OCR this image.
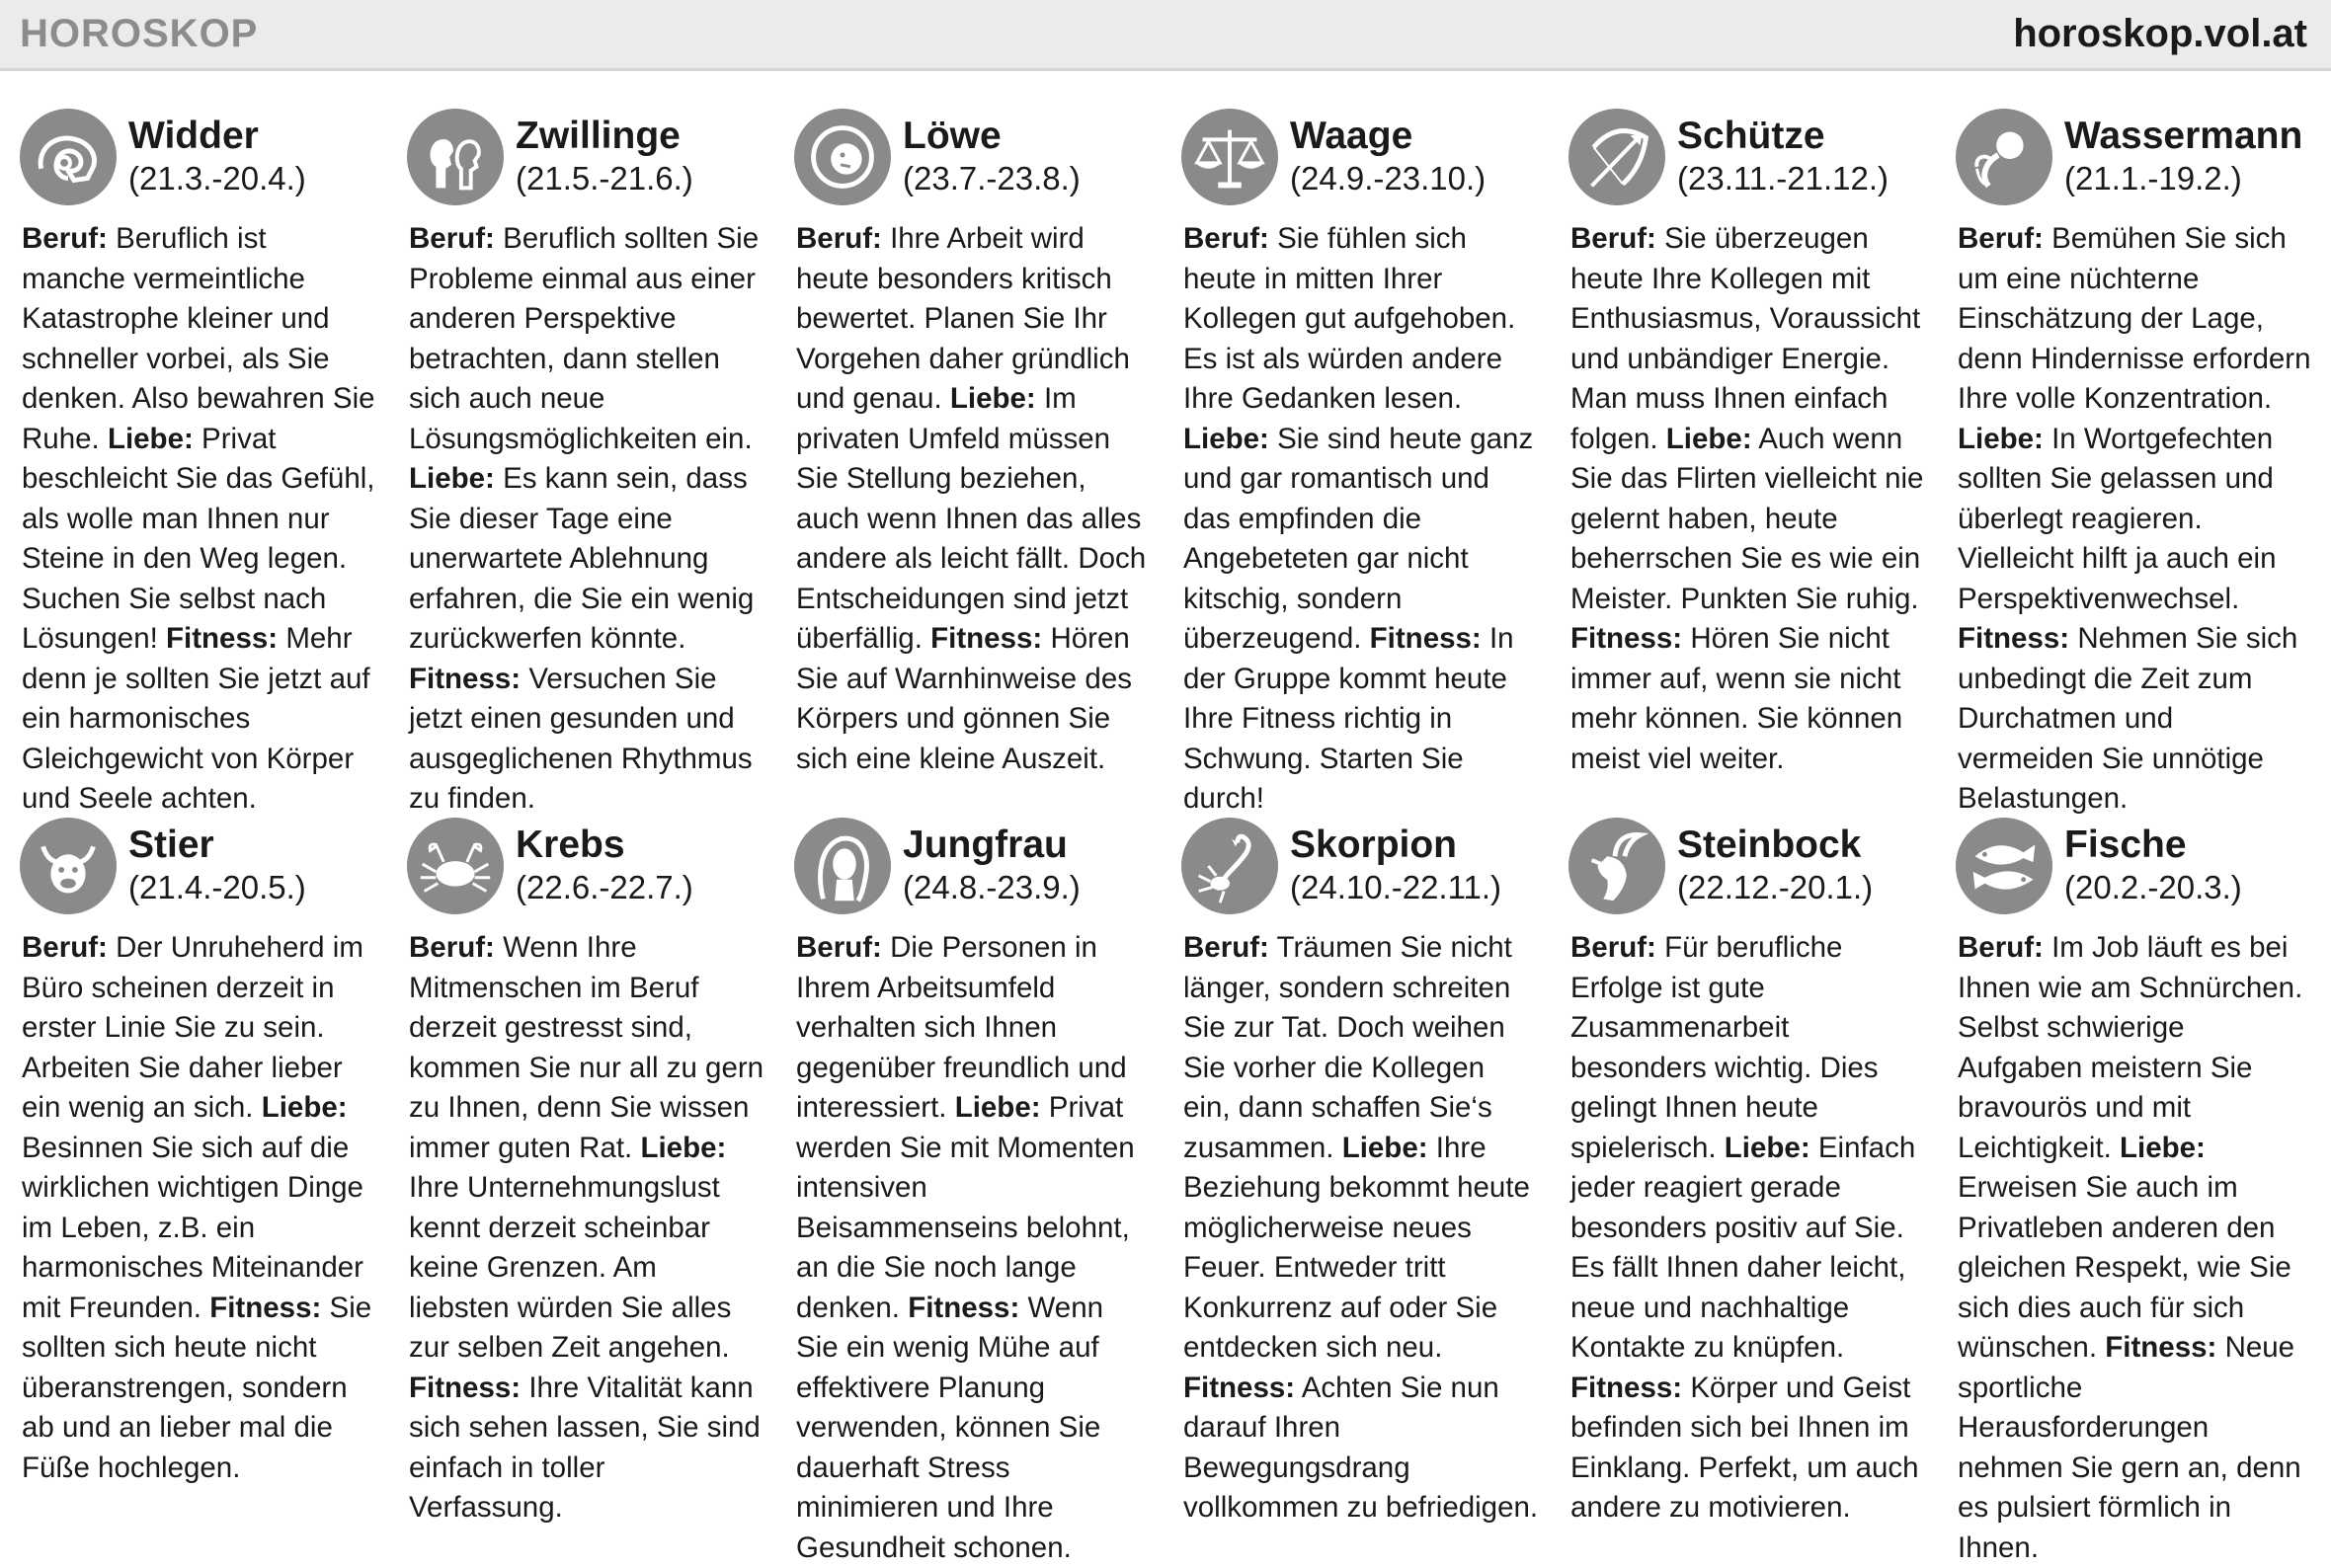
HOROSKOP	horoskop.vol.at
Widder
(21.3.-20.4.)

Beruf: Beruflich ist manche vermeintliche Katastrophe kleiner und schneller vorbei, als Sie denken. Also bewahren Sie Ruhe. Liebe: Privat beschleicht Sie das Gefühl, als wolle man Ihnen nur Steine in den Weg legen. Suchen Sie selbst nach Lösungen! Fitness: Mehr denn je sollten Sie jetzt auf ein harmonisches Gleichgewicht von Körper und Seele achten.

Zwillinge
(21.5.-21.6.)

Beruf: Beruflich sollten Sie Probleme einmal aus einer anderen Perspektive betrachten, dann stellen sich auch neue Lösungsmöglichkeiten ein. Liebe: Es kann sein, dass Sie dieser Tage eine unerwartete Ablehnung erfahren, die Sie ein wenig zurückwerfen könnte. Fitness: Versuchen Sie jetzt einen gesunden und ausgeglichenen Rhythmus zu finden.

Löwe
(23.7.-23.8.)

Beruf: Ihre Arbeit wird heute besonders kritisch bewertet. Planen Sie Ihr Vorgehen daher gründlich und genau. Liebe: Im privaten Umfeld müssen Sie Stellung beziehen, auch wenn Ihnen das alles andere als leicht fällt. Doch Entscheidungen sind jetzt überfällig. Fitness: Hören Sie auf Warnhinweise des Körpers und gönnen Sie sich eine kleine Auszeit.

Waage
(24.9.-23.10.)

Beruf: Sie fühlen sich heute in mitten Ihrer Kollegen gut aufgehoben. Es ist als würden andere Ihre Gedanken lesen. Liebe: Sie sind heute ganz und gar romantisch und das empfinden die Angebeteten gar nicht kitschig, sondern überzeugend. Fitness: In der Gruppe kommt heute Ihre Fitness richtig in Schwung. Starten Sie durch!

Schütze
(23.11.-21.12.)

Beruf: Sie überzeugen heute Ihre Kollegen mit Enthusiasmus, Voraussicht und unbändiger Energie. Man muss Ihnen einfach folgen. Liebe: Auch wenn Sie das Flirten vielleicht nie gelernt haben, heute beherrschen Sie es wie ein Meister. Punkten Sie ruhig. Fitness: Hören Sie nicht immer auf, wenn sie nicht mehr können. Sie können meist viel weiter.

Wassermann
(21.1.-19.2.)

Beruf: Bemühen Sie sich um eine nüchterne Einschätzung der Lage, denn Hindernisse erfordern Ihre volle Konzentration. Liebe: In Wortgefechten sollten Sie gelassen und überlegt reagieren. Vielleicht hilft ja auch ein Perspektivenwechsel. Fitness: Nehmen Sie sich unbedingt die Zeit zum Durchatmen und vermeiden Sie unnötige Belastungen.

Stier
(21.4.-20.5.)

Beruf: Der Unruheherd im Büro scheinen derzeit in erster Linie Sie zu sein. Arbeiten Sie daher lieber ein wenig an sich. Liebe: Besinnen Sie sich auf die wirklichen wichtigen Dinge im Leben, z.B. ein harmonisches Miteinander mit Freunden. Fitness: Sie sollten sich heute nicht überanstrengen, sondern ab und an lieber mal die Füße hochlegen.

Krebs
(22.6.-22.7.)

Beruf: Wenn Ihre Mitmenschen im Beruf derzeit gestresst sind, kommen Sie nur all zu gern zu Ihnen, denn Sie wissen immer guten Rat. Liebe: Ihre Unternehmungslust kennt derzeit scheinbar keine Grenzen. Am liebsten würden Sie alles zur selben Zeit angehen. Fitness: Ihre Vitalität kann sich sehen lassen, Sie sind einfach in toller Verfassung.

Jungfrau
(24.8.-23.9.)

Beruf: Die Personen in Ihrem Arbeitsumfeld verhalten sich Ihnen gegenüber freundlich und interessiert. Liebe: Privat werden Sie mit Momenten intensiven Beisammenseins belohnt, an die Sie noch lange denken. Fitness: Wenn Sie ein wenig Mühe auf effektivere Planung verwenden, können Sie dauerhaft Stress minimieren und Ihre Gesundheit schonen.

Skorpion
(24.10.-22.11.)

Beruf: Träumen Sie nicht länger, sondern schreiten Sie zur Tat. Doch weihen Sie vorher die Kollegen ein, dann schaffen Sie‘s zusammen. Liebe: Ihre Beziehung bekommt heute möglicherweise neues Feuer. Entweder tritt Konkurrenz auf oder Sie entdecken sich neu. Fitness: Achten Sie nun darauf Ihren Bewegungsdrang vollkommen zu befriedigen.

Steinbock
(22.12.-20.1.)

Beruf: Für berufliche Erfolge ist gute Zusammenarbeit besonders wichtig. Dies gelingt Ihnen heute spielerisch. Liebe: Einfach jeder reagiert gerade besonders positiv auf Sie. Es fällt Ihnen daher leicht, neue und nachhaltige Kontakte zu knüpfen. Fitness: Körper und Geist befinden sich bei Ihnen im Einklang. Perfekt, um auch andere zu motivieren.

Fische
(20.2.-20.3.)

Beruf: Im Job läuft es bei Ihnen wie am Schnürchen. Selbst schwierige Aufgaben meistern Sie bravourös und mit Leichtigkeit. Liebe: Erweisen Sie auch im Privatleben anderen den gleichen Respekt, wie Sie sich dies auch für sich wünschen. Fitness: Neue sportliche Herausforderungen nehmen Sie gern an, denn es pulsiert förmlich in Ihnen.
